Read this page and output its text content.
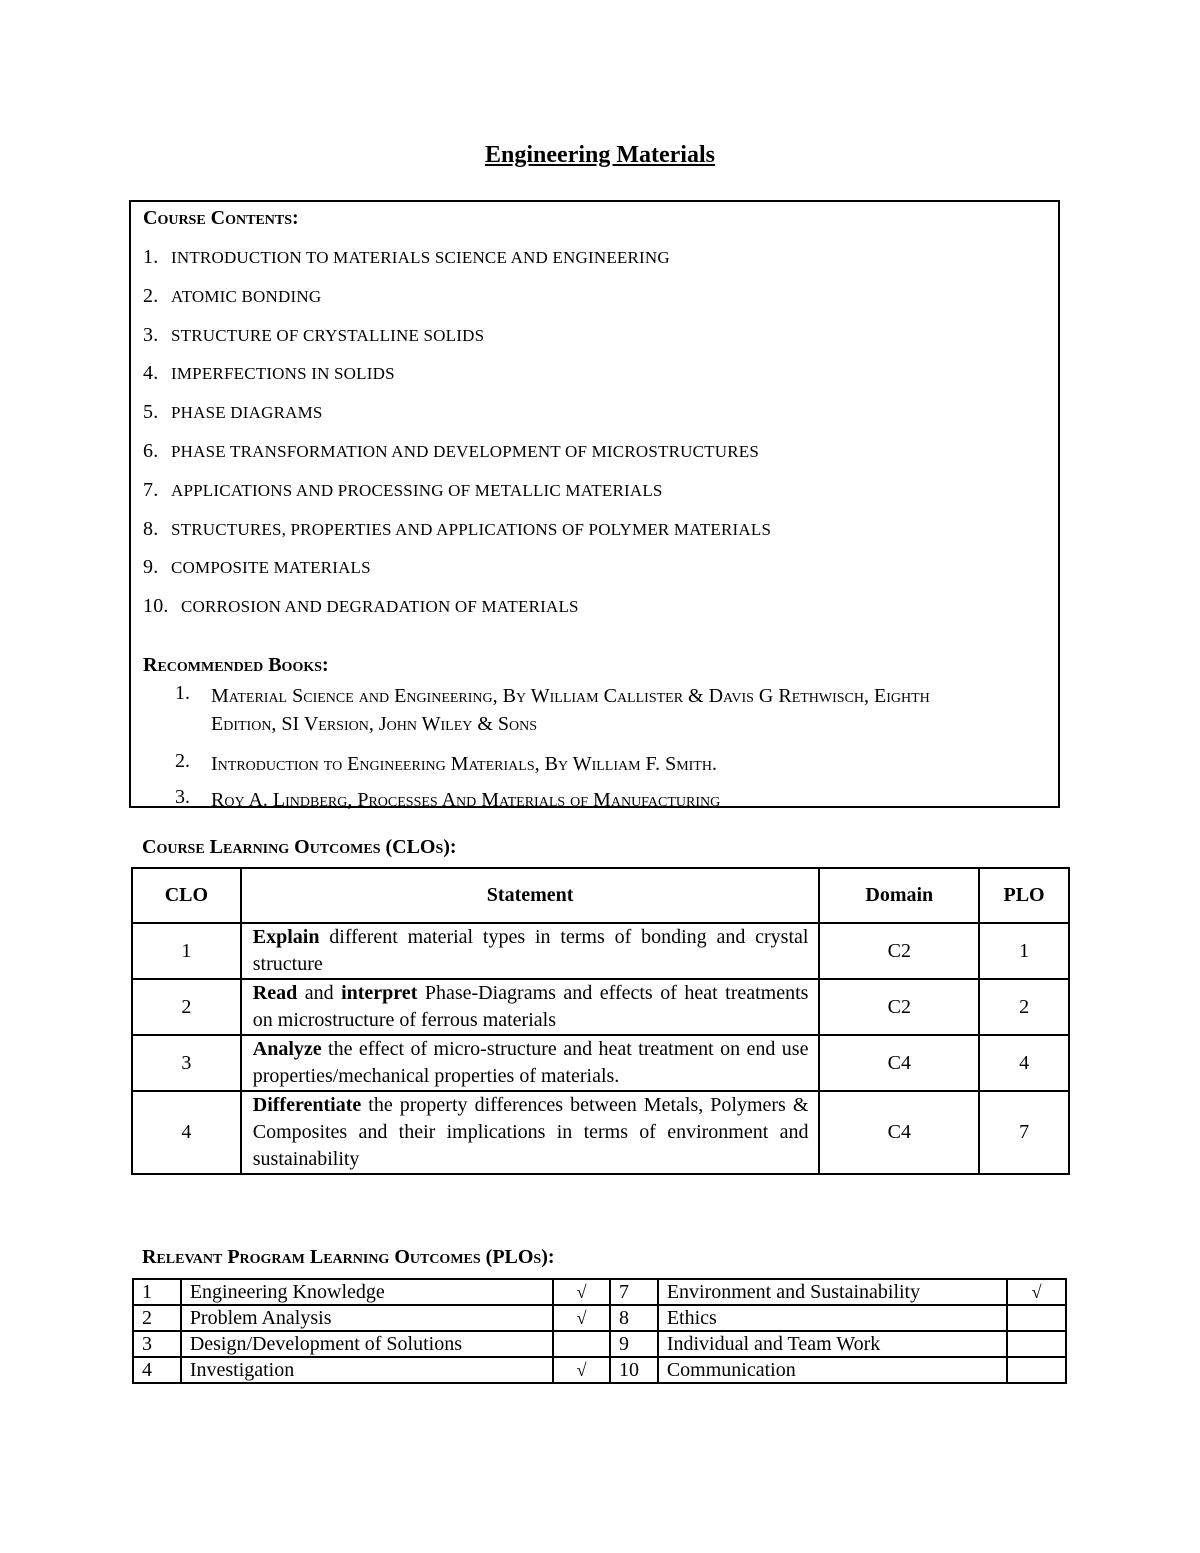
Engineering Materials
Course Contents:
1. INTRODUCTION TO MATERIALS SCIENCE AND ENGINEERING
2. ATOMIC BONDING
3. STRUCTURE OF CRYSTALLINE SOLIDS
4. IMPERFECTIONS IN SOLIDS
5. PHASE DIAGRAMS
6. PHASE TRANSFORMATION AND DEVELOPMENT OF MICROSTRUCTURES
7. APPLICATIONS AND PROCESSING OF METALLIC MATERIALS
8. STRUCTURES, PROPERTIES AND APPLICATIONS OF POLYMER MATERIALS
9. COMPOSITE MATERIALS
10. CORROSION AND DEGRADATION OF MATERIALS
Recommended Books:
1.	Material Science and Engineering, By William Callister & Davis G Rethwisch, Eighth Edition, SI Version, John Wiley & Sons
2.	Introduction to Engineering Materials, By William F. Smith.
3.	Roy A. Lindberg, Processes And Materials of Manufacturing
Course Learning Outcomes (CLOs):
CLO	Statement	Domain	PLO
1	Explain different material types in terms of bonding and crystal structure	C2	1
2	Read and interpret Phase-Diagrams and effects of heat treatments on microstructure of ferrous materials	C2	2
3	Analyze the effect of micro-structure and heat treatment on end use properties/mechanical properties of materials.	C4	4
4	Differentiate the property differences between Metals, Polymers & Composites and their implications in terms of environment and sustainability	C4	7
Relevant Program Learning Outcomes (PLOs):
1	Engineering Knowledge	√	7	Environment and Sustainability	√
2	Problem Analysis	√	8	Ethics	
3	Design/Development of Solutions		9	Individual and Team Work	
4	Investigation	√	10	Communication	
